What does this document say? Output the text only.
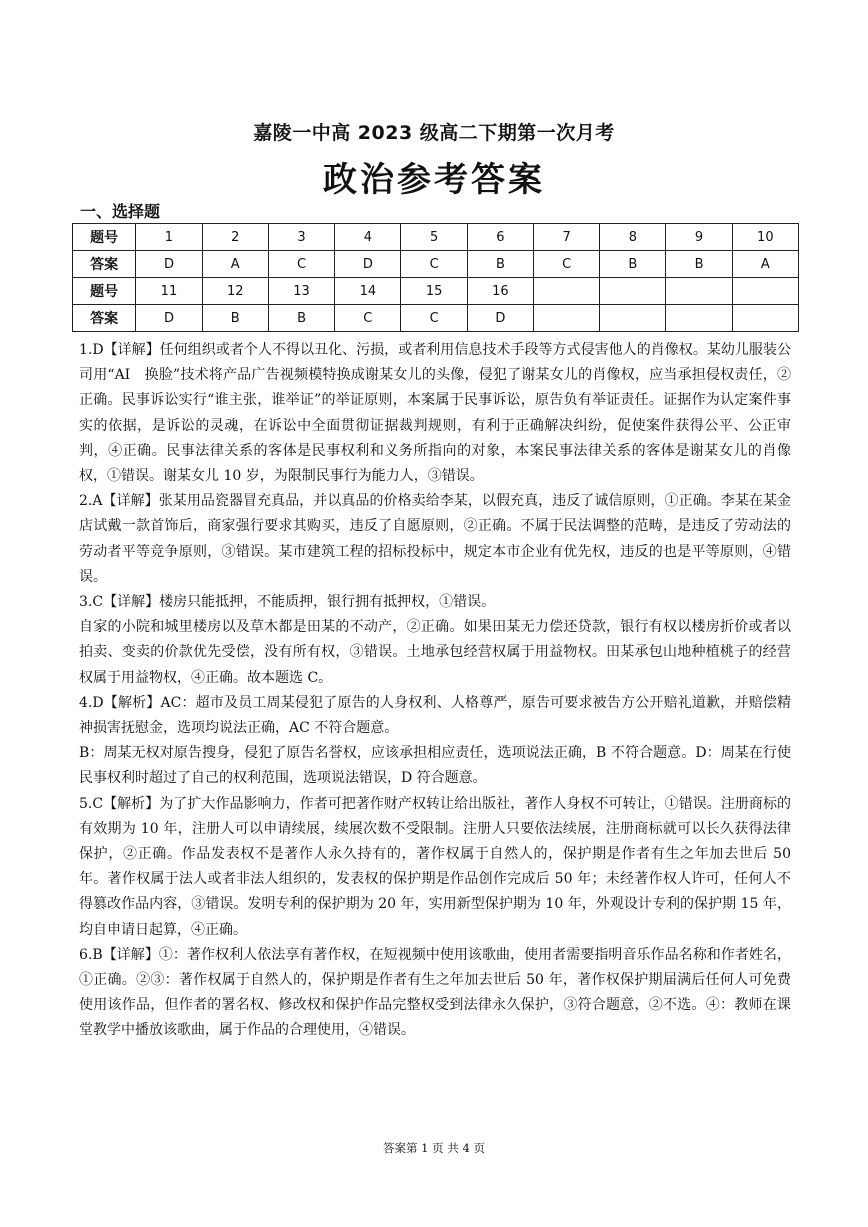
嘉陵一中高 2023 级高二下期第一次月考
政治参考答案
一、选择题
题号	1	2	3	4	5	6	7	8	9	10
答案	D	A	C	D	C	B	C	B	B	A
题号	11	12	13	14	15	16				
答案	D	B	B	C	C	D				

1.D【详解】任何组织或者个人不得以丑化、污损，或者利用信息技术手段等方式侵害他人的肖像权。某幼儿服装公司用“AI　换脸”技术将产品广告视频模特换成谢某女儿的头像，侵犯了谢某女儿的肖像权，应当承担侵权责任，②正确。民事诉讼实行“谁主张，谁举证”的举证原则，本案属于民事诉讼，原告负有举证责任。证据作为认定案件事实的依据，是诉讼的灵魂，在诉讼中全面贯彻证据裁判规则，有利于正确解决纠纷，促使案件获得公平、公正审判，④正确。民事法律关系的客体是民事权利和义务所指向的对象，本案民事法律关系的客体是谢某女儿的肖像权，①错误。谢某女儿 10 岁，为限制民事行为能力人，③错误。

2.A【详解】张某用品瓷器冒充真品，并以真品的价格卖给李某，以假充真，违反了诚信原则，①正确。李某在某金店试戴一款首饰后，商家强行要求其购买，违反了自愿原则，②正确。不属于民法调整的范畴，是违反了劳动法的劳动者平等竞争原则，③错误。某市建筑工程的招标投标中，规定本市企业有优先权，违反的也是平等原则，④错误。

3.C【详解】楼房只能抵押，不能质押，银行拥有抵押权，①错误。

自家的小院和城里楼房以及草木都是田某的不动产，②正确。如果田某无力偿还贷款，银行有权以楼房折价或者以拍卖、变卖的价款优先受偿，没有所有权，③错误。土地承包经营权属于用益物权。田某承包山地种植桃子的经营权属于用益物权，④正确。故本题选 C。

4.D【解析】AC：超市及员工周某侵犯了原告的人身权利、人格尊严，原告可要求被告方公开赔礼道歉，并赔偿精神损害抚慰金，选项均说法正确，AC 不符合题意。

B：周某无权对原告搜身，侵犯了原告名誉权，应该承担相应责任，选项说法正确，B 不符合题意。D：周某在行使民事权利时超过了自己的权利范围，选项说法错误，D 符合题意。

5.C【解析】为了扩大作品影响力，作者可把著作财产权转让给出版社，著作人身权不可转让，①错误。注册商标的有效期为 10 年，注册人可以申请续展，续展次数不受限制。注册人只要依法续展，注册商标就可以长久获得法律保护，②正确。作品发表权不是著作人永久持有的，著作权属于自然人的，保护期是作者有生之年加去世后 50 年。著作权属于法人或者非法人组织的，发表权的保护期是作品创作完成后 50 年；未经著作权人许可，任何人不得篡改作品内容，③错误。发明专利的保护期为 20 年，实用新型保护期为 10 年，外观设计专利的保护期 15 年，均自申请日起算，④正确。

6.B【详解】①：著作权利人依法享有著作权，在短视频中使用该歌曲，使用者需要指明音乐作品名称和作者姓名，①正确。②③：著作权属于自然人的，保护期是作者有生之年加去世后 50 年，著作权保护期届满后任何人可免费使用该作品，但作者的署名权、修改权和保护作品完整权受到法律永久保护，③符合题意，②不选。④：教师在课堂教学中播放该歌曲，属于作品的合理使用，④错误。

答案第 1 页 共 4 页
